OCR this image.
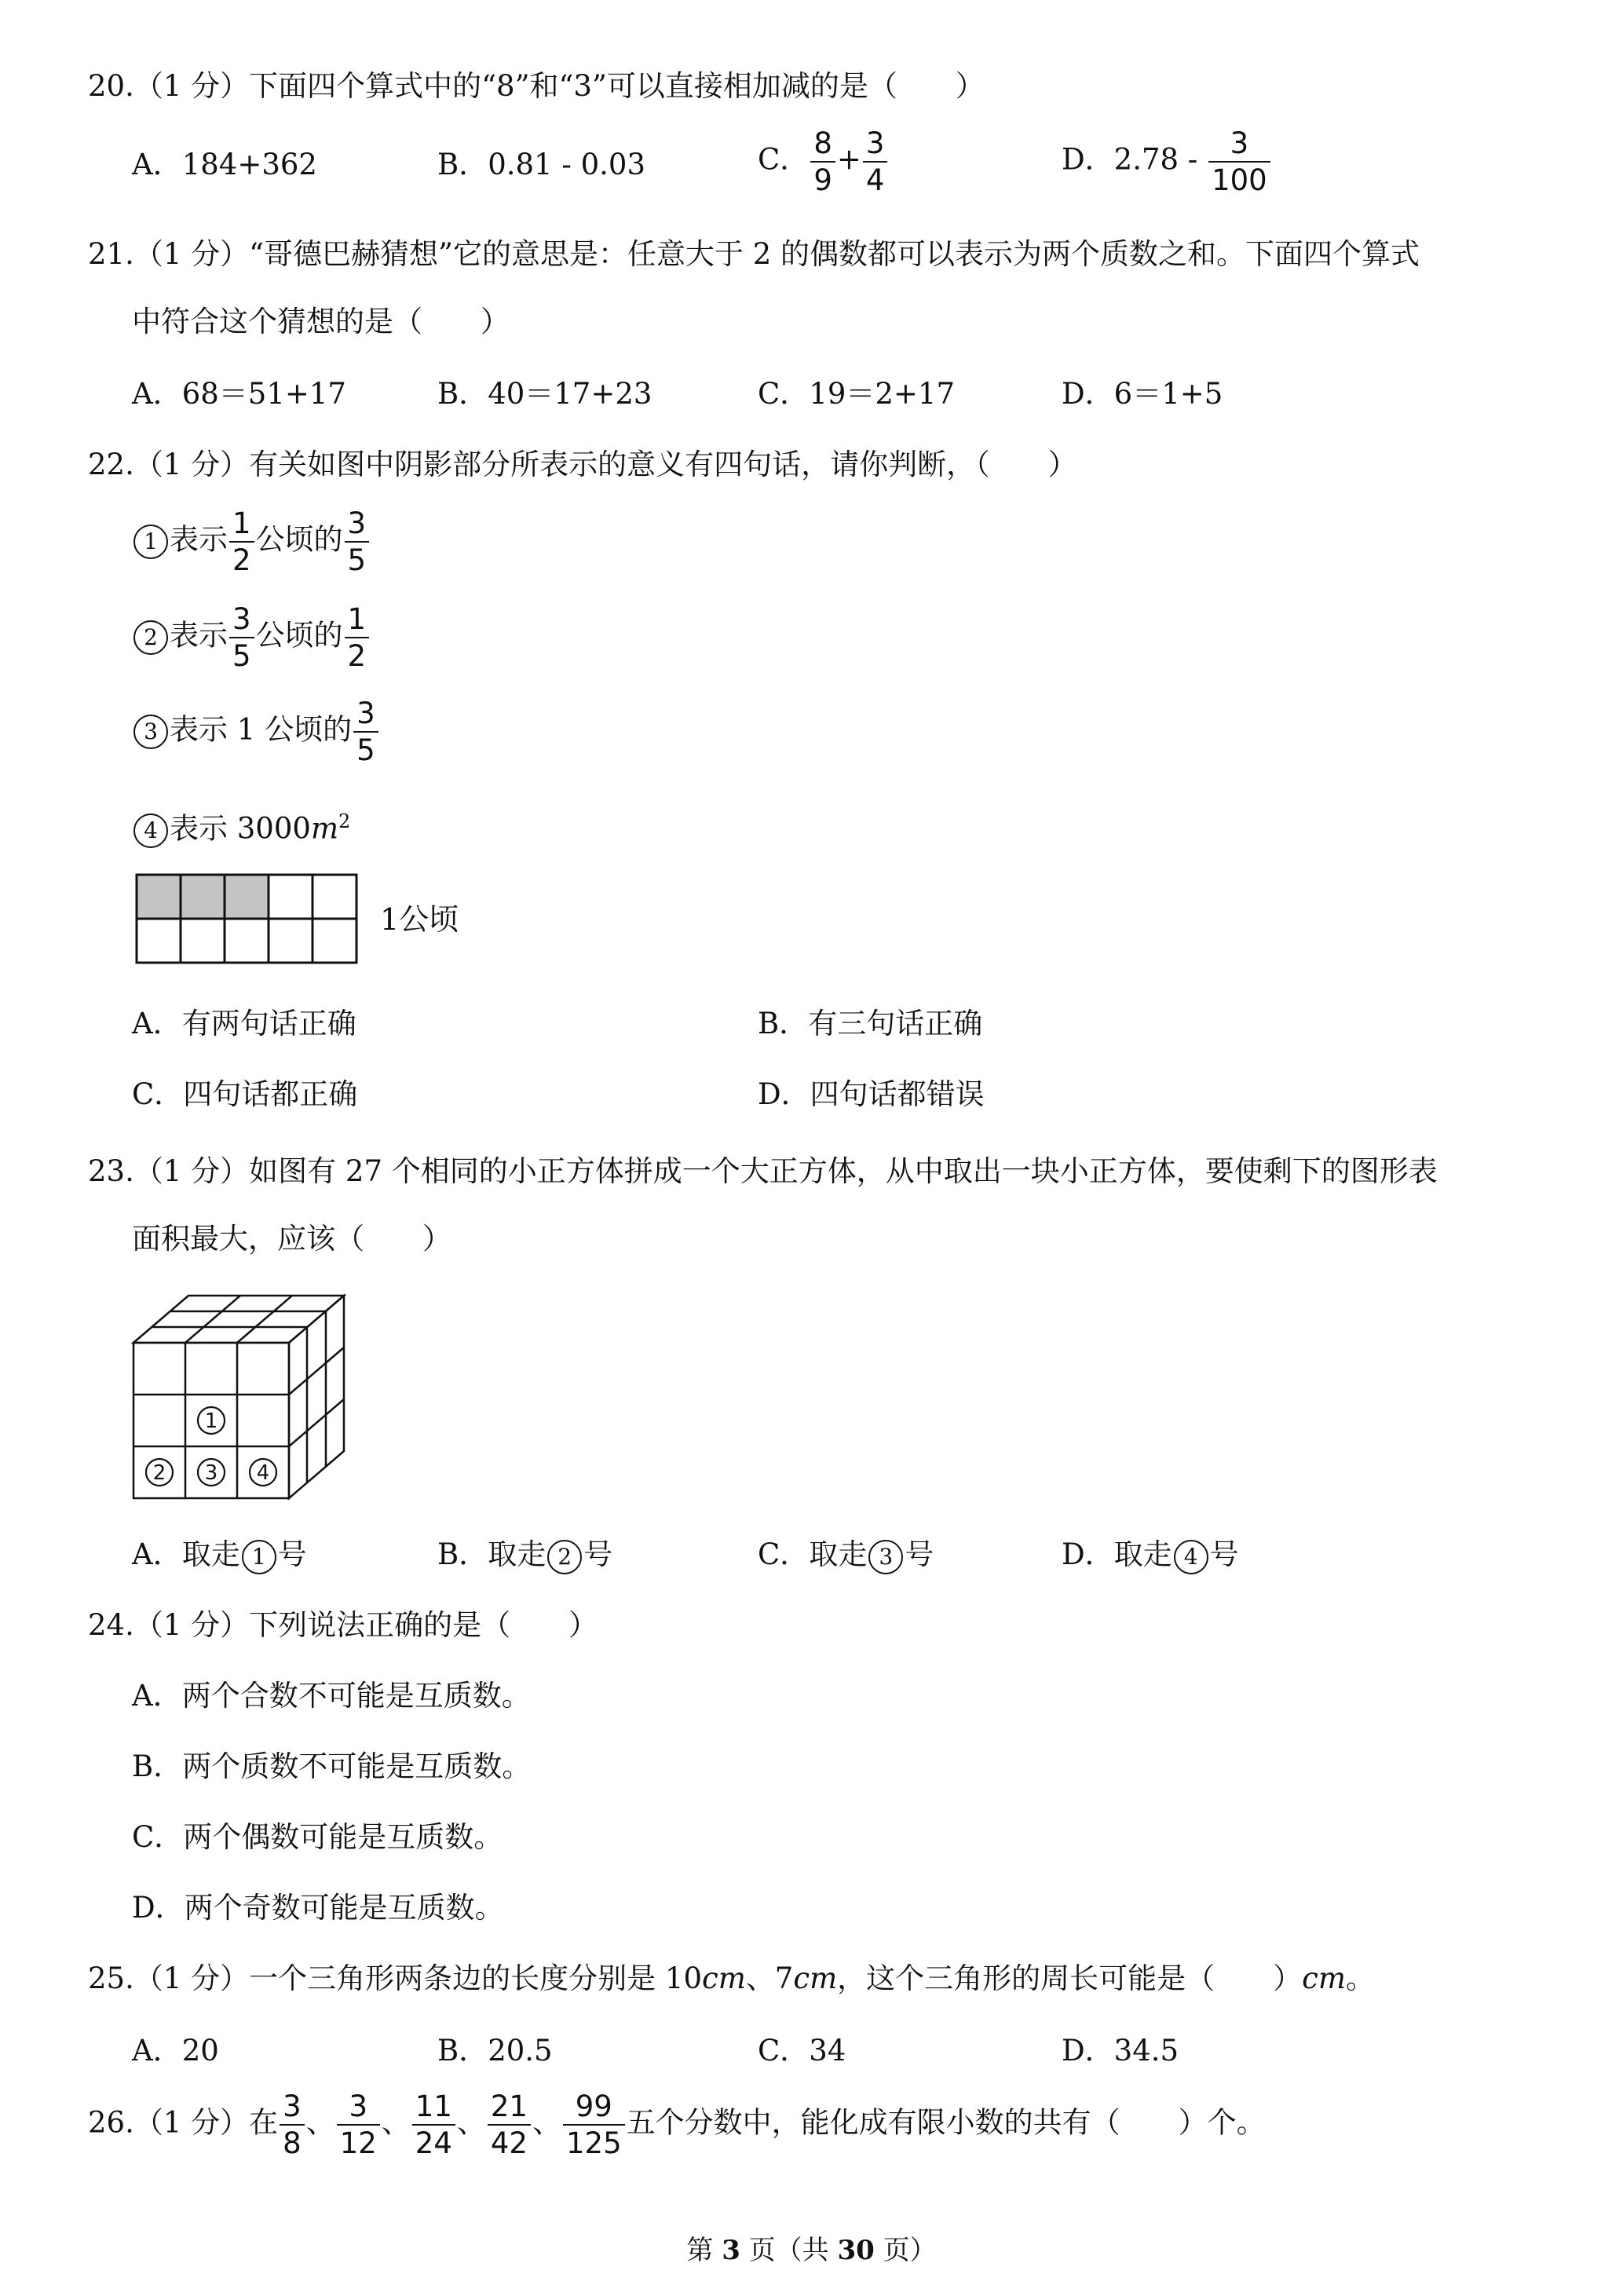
20.（1 分）下面四个算式中的“8”和“3”可以直接相加减的是（　　）
A．184+362	B．0.81 - 0.03	C． $\frac{8}{9} + \frac{3}{4}$	D．$2.78 - \frac{3}{100}$
21.（1 分）“哥德巴赫猜想”它的意思是：任意大于 2 的偶数都可以表示为两个质数之和。下面四个算式
中符合这个猜想的是（　　）
A．68＝51+17	B．40＝17+23	C．19＝2+17	D．6＝1+5
22.（1 分）有关如图中阴影部分所表示的意义有四句话，请你判断，（　　）
1 表示 $\frac{1}{2}$ 公顷的 $\frac{3}{5}$
2 表示 $\frac{3}{5}$ 公顷的 $\frac{1}{2}$
3 表示 1 公顷的 $\frac{3}{5}$
4 表示 $3000m^2$
1公顷
A．有两句话正确	B．有三句话正确
C．四句话都正确	D．四句话都错误
23.（1 分）如图有 27 个相同的小正方体拼成一个大正方体，从中取出一块小正方体，要使剩下的图形表
面积最大，应该（　　）
1
2 3 4
A．取走 1 号	B．取走 2 号	C．取走 3 号	D．取走 4 号
24.（1 分）下列说法正确的是（　　）
A．两个合数不可能是互质数。
B．两个质数不可能是互质数。
C．两个偶数可能是互质数。
D．两个奇数可能是互质数。
25.（1 分）一个三角形两条边的长度分别是 10cm、7cm，这个三角形的周长可能是（　　）cm。
A．20	B．20.5	C．34	D．34.5
26.（1 分）在 $\frac{3}{8}$ 、 $\frac{3}{12}$ 、 $\frac{11}{24}$ 、 $\frac{21}{42}$ 、 $\frac{99}{125}$ 五个分数中，能化成有限小数的共有（　　）个。
第 3 页（共 30 页）
